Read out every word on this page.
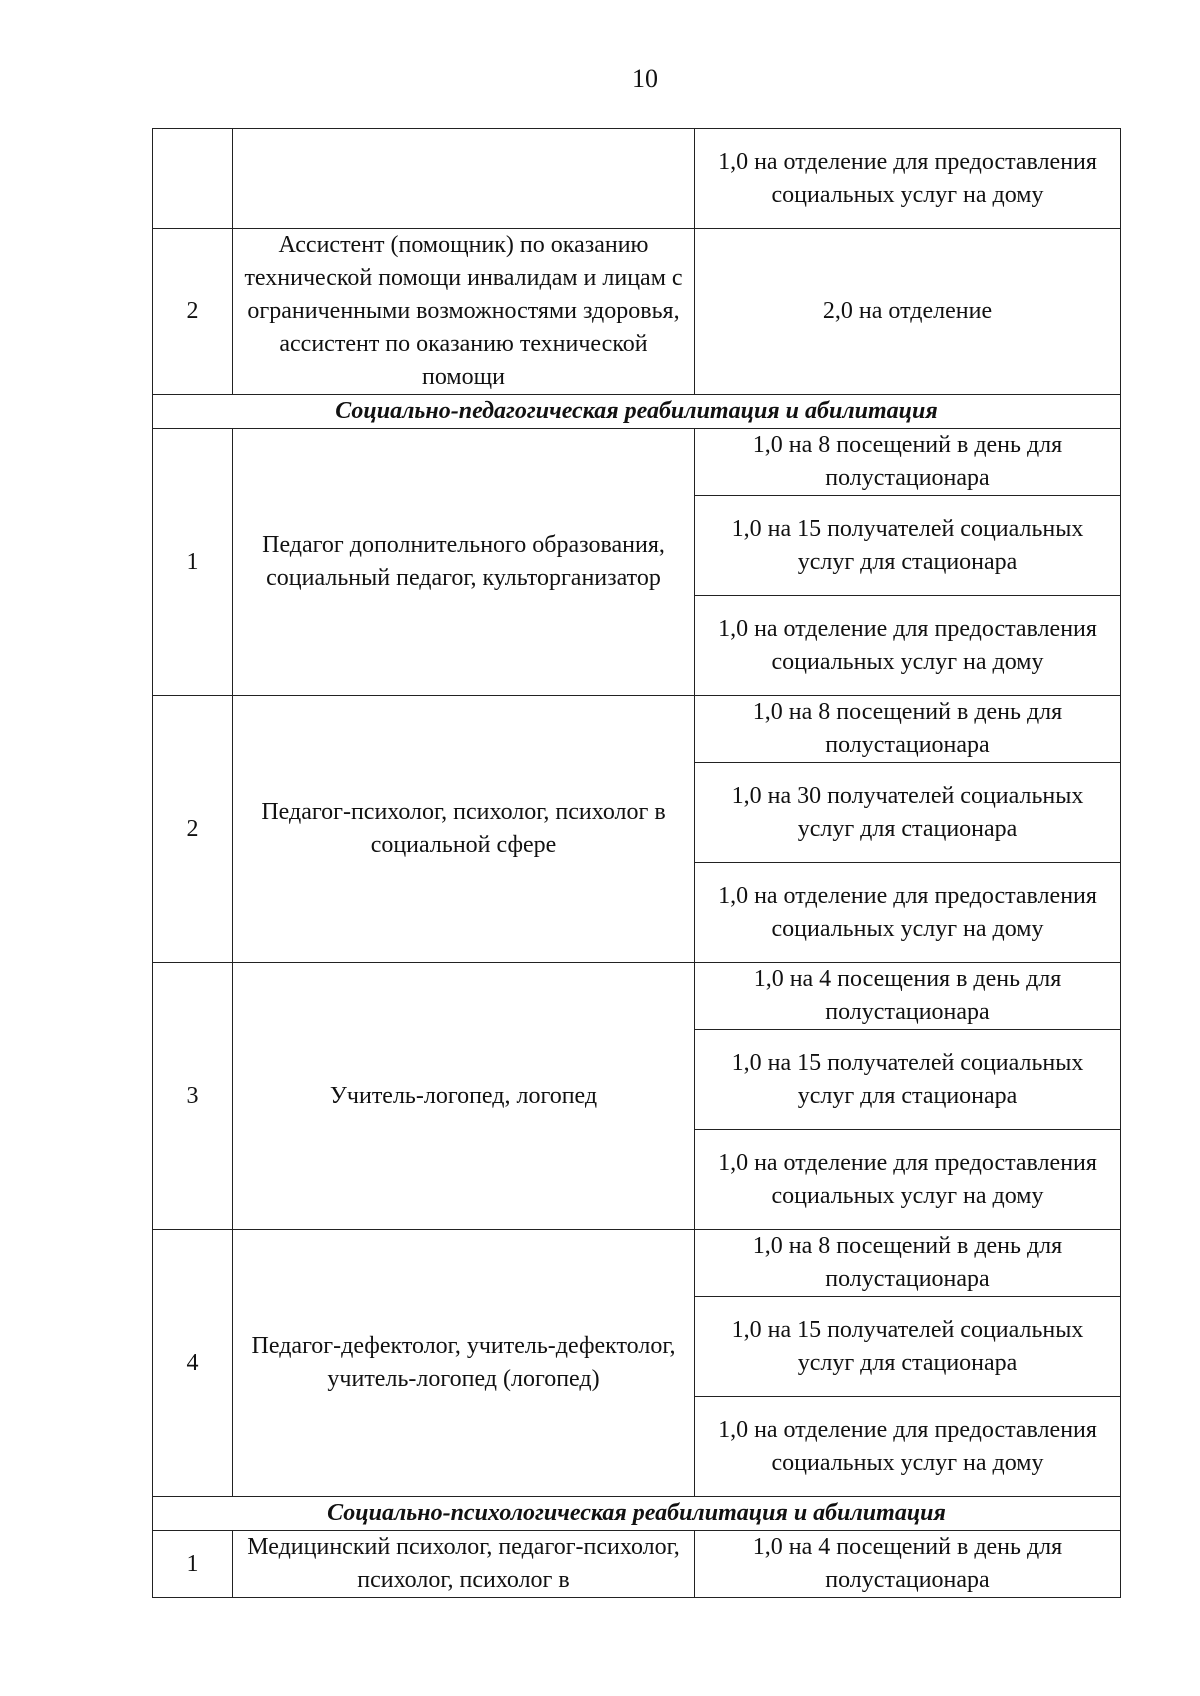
10
		1,0 на отделение для предоставления социальных услуг на дому
2	Ассистент (помощник) по оказанию технической помощи инвалидам и лицам с ограниченными возможностями здоровья, ассистент по оказанию технической помощи	2,0 на отделение
Социально-педагогическая реабилитация и абилитация		
1	Педагог дополнительного образования, социальный педагог, культорганизатор	1,0 на 8 посещений в день для полустационара
		1,0 на 15 получателей социальных услуг для стационара
		1,0 на отделение для предоставления социальных услуг на дому
2	Педагог-психолог, психолог, психолог в социальной сфере	1,0 на 8 посещений в день для полустационара
		1,0 на 30 получателей социальных услуг для стационара
		1,0 на отделение для предоставления социальных услуг на дому
3	Учитель-логопед, логопед	1,0 на 4 посещения в день для полустационара
		1,0 на 15 получателей социальных услуг для стационара
		1,0 на отделение для предоставления социальных услуг на дому
4	Педагог-дефектолог, учитель-дефектолог, учитель-логопед (логопед)	1,0 на 8 посещений в день для полустационара
		1,0 на 15 получателей социальных услуг для стационара
		1,0 на отделение для предоставления социальных услуг на дому
Социально-психологическая реабилитация и абилитация		
1	Медицинский психолог, педагог-психолог, психолог, психолог в	1,0 на 4 посещений в день для полустационара
